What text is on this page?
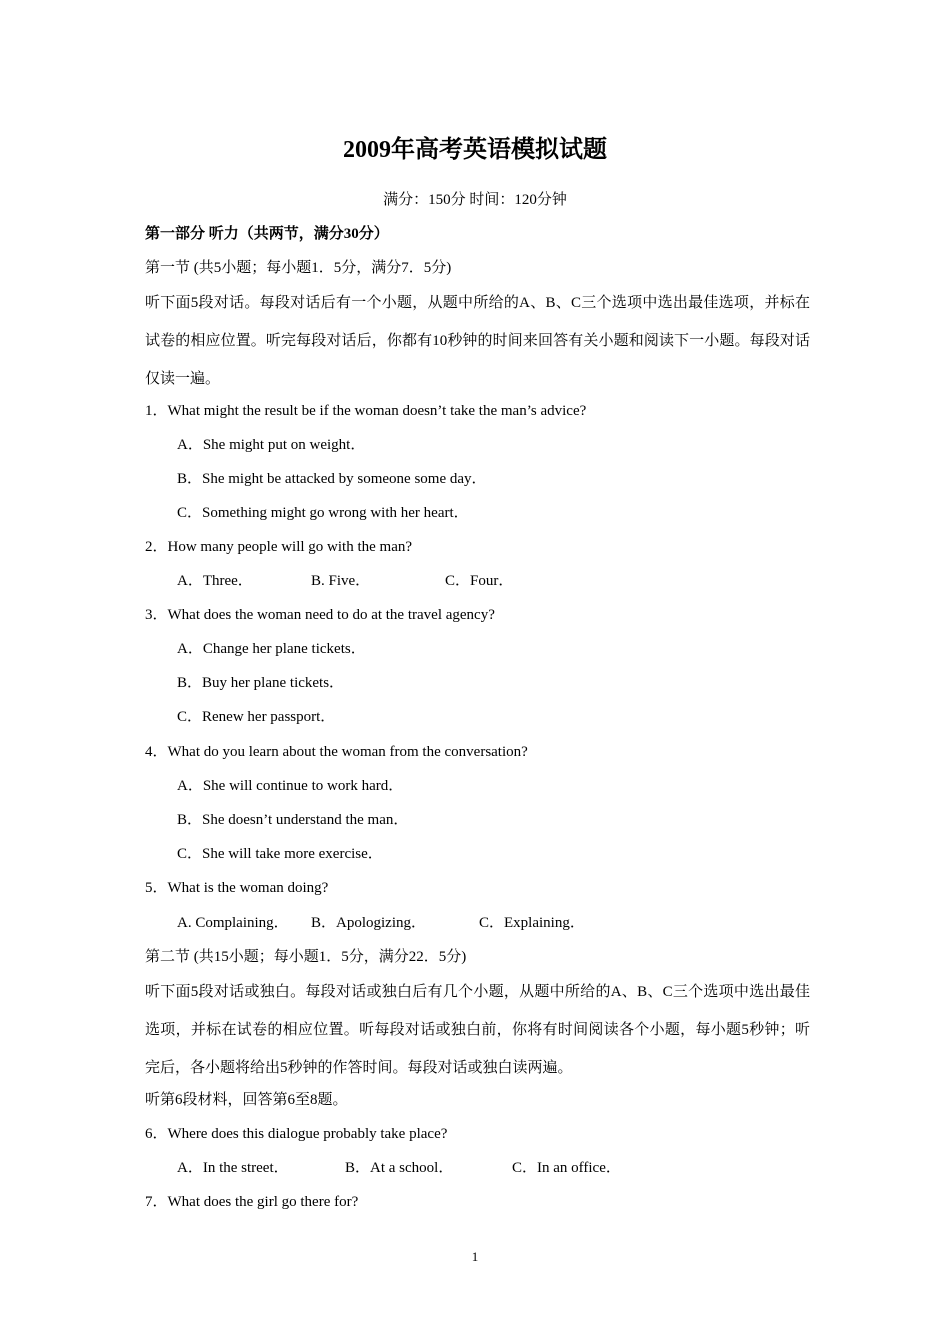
2009年高考英语模拟试题
满分：150分 时间：120分钟
第一部分 听力（共两节，满分30分）
第一节 (共5小题；每小题1．5分，满分7．5分)
听下面5段对话。每段对话后有一个小题，从题中所给的A、B、C三个选项中选出最佳选项，并标在试卷的相应位置。听完每段对话后，你都有10秒钟的时间来回答有关小题和阅读下一小题。每段对话仅读一遍。
1．What might the result be if the woman doesn’t take the man’s advice?
A．She might put on weight．
B．She might be attacked by someone some day．
C．Something might go wrong with her heart．
2．How many people will go with the man?
A．Three．	B. Five．	C．Four．
3．What does the woman need to do at the travel agency?
A．Change her plane tickets．
B．Buy her plane tickets．
C．Renew her passport．
4．What do you learn about the woman from the conversation?
A．She will continue to work hard．
B．She doesn’t understand the man．
C．She will take more exercise．
5．What is the woman doing?
A. Complaining． B．Apologizing．	C．Explaining．
第二节 (共15小题；每小题1．5分，满分22．5分)
听下面5段对话或独白。每段对话或独白后有几个小题，从题中所给的A、B、C三个选项中选出最佳选项，并标在试卷的相应位置。听每段对话或独白前，你将有时间阅读各个小题，每小题5秒钟；听完后，各小题将给出5秒钟的作答时间。每段对话或独白读两遍。
听第6段材料，回答第6至8题。
6．Where does this dialogue probably take place?
A．In the street．	B．At a school．	C．In an office．
7．What does the girl go there for?
1
